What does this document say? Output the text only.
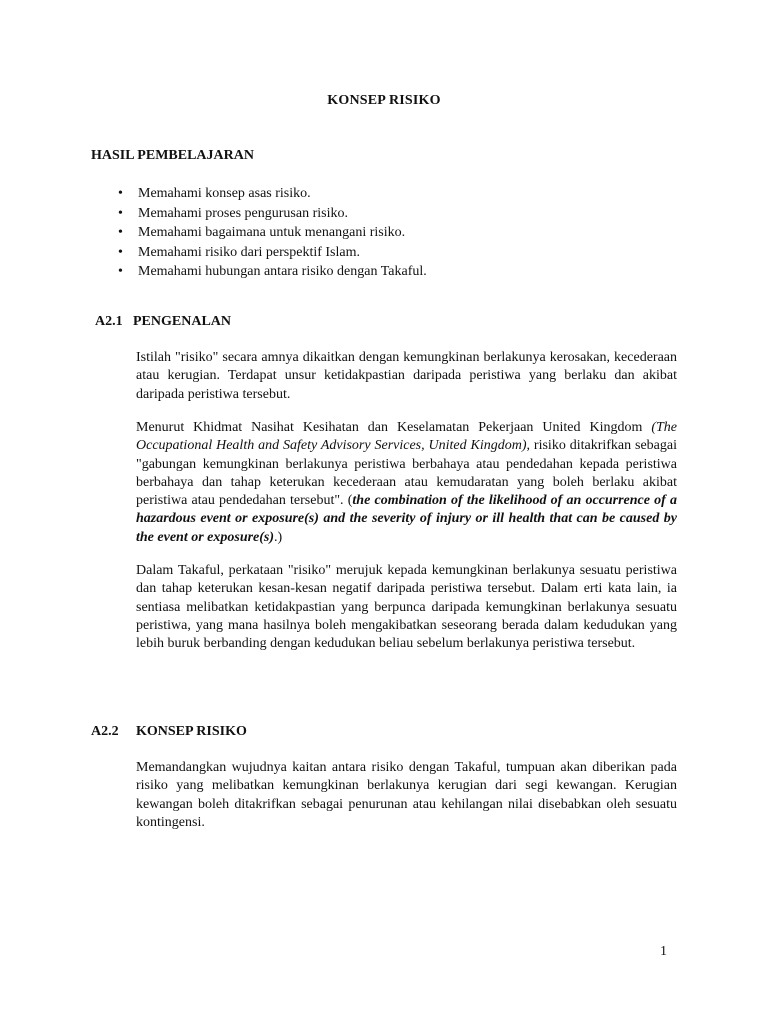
KONSEP RISIKO
HASIL PEMBELAJARAN
• Memahami konsep asas risiko.
• Memahami proses pengurusan risiko.
• Memahami bagaimana untuk menangani risiko.
• Memahami risiko dari perspektif Islam.
• Memahami hubungan antara risiko dengan Takaful.
A2.1 PENGENALAN

Istilah "risiko" secara amnya dikaitkan dengan kemungkinan berlakunya kerosakan, kecederaan atau kerugian. Terdapat unsur ketidakpastian daripada peristiwa yang berlaku dan akibat daripada peristiwa tersebut.

Menurut Khidmat Nasihat Kesihatan dan Keselamatan Pekerjaan United Kingdom (The Occupational Health and Safety Advisory Services, United Kingdom), risiko ditakrifkan sebagai "gabungan kemungkinan berlakunya peristiwa berbahaya atau pendedahan kepada peristiwa berbahaya dan tahap keterukan kecederaan atau kemudaratan yang boleh berlaku akibat peristiwa atau pendedahan tersebut". (the combination of the likelihood of an occurrence of a hazardous event or exposure(s) and the severity of injury or ill health that can be caused by the event or exposure(s).)

Dalam Takaful, perkataan "risiko" merujuk kepada kemungkinan berlakunya sesuatu peristiwa dan tahap keterukan kesan-kesan negatif daripada peristiwa tersebut. Dalam erti kata lain, ia sentiasa melibatkan ketidakpastian yang berpunca daripada kemungkinan berlakunya sesuatu peristiwa, yang mana hasilnya boleh mengakibatkan seseorang berada dalam kedudukan yang lebih buruk berbanding dengan kedudukan beliau sebelum berlakunya peristiwa tersebut.

A2.2 KONSEP RISIKO

Memandangkan wujudnya kaitan antara risiko dengan Takaful, tumpuan akan diberikan pada risiko yang melibatkan kemungkinan berlakunya kerugian dari segi kewangan. Kerugian kewangan boleh ditakrifkan sebagai penurunan atau kehilangan nilai disebabkan oleh sesuatu kontingensi.

1
